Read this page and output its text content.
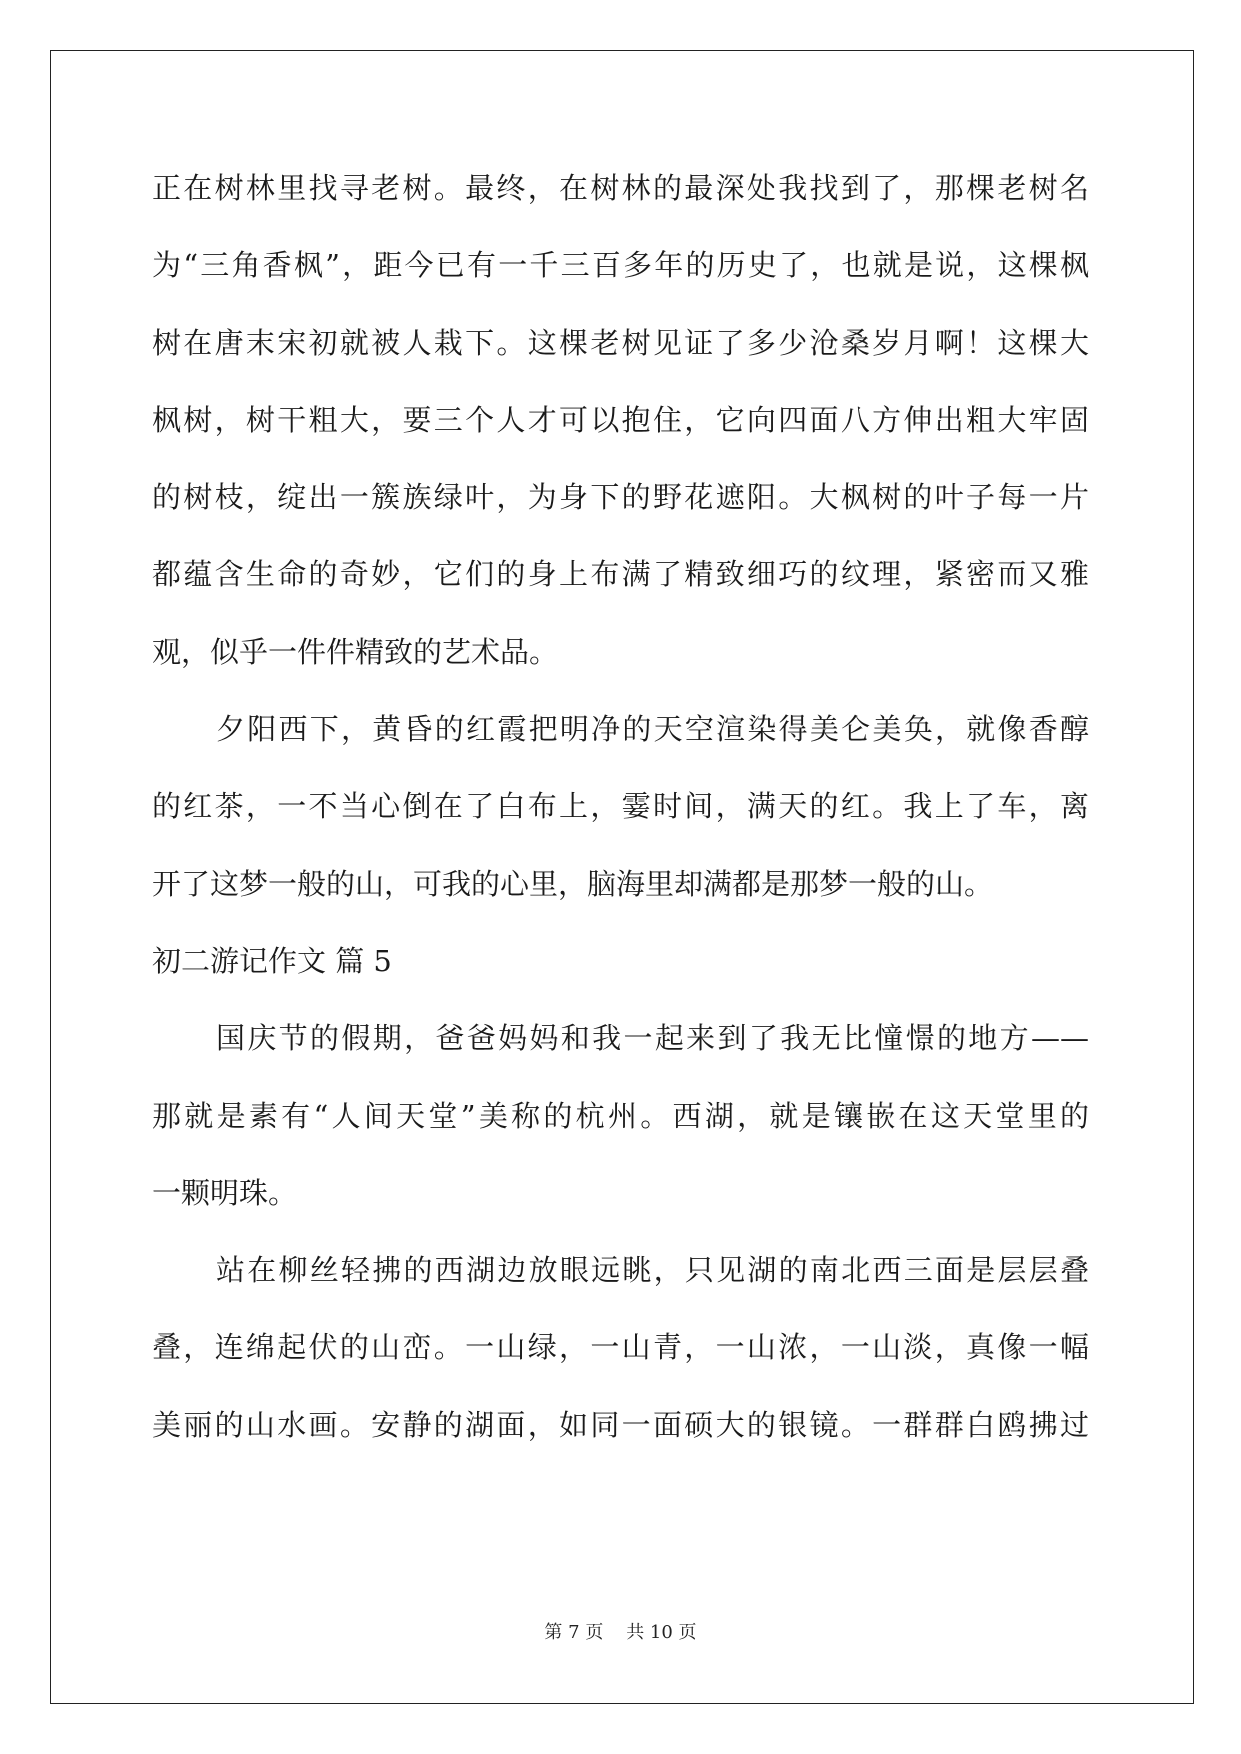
正在树林里找寻老树。最终，在树林的最深处我找到了，那棵老树名
为“三角香枫”，距今已有一千三百多年的历史了，也就是说，这棵枫
树在唐末宋初就被人栽下。这棵老树见证了多少沧桑岁月啊！这棵大
枫树，树干粗大，要三个人才可以抱住，它向四面八方伸出粗大牢固
的树枝，绽出一簇族绿叶，为身下的野花遮阳。大枫树的叶子每一片
都蕴含生命的奇妙，它们的身上布满了精致细巧的纹理，紧密而又雅
观，似乎一件件精致的艺术品。
夕阳西下，黄昏的红霞把明净的天空渲染得美仑美奂，就像香醇
的红茶，一不当心倒在了白布上，霎时间，满天的红。我上了车，离
开了这梦一般的山，可我的心里，脑海里却满都是那梦一般的山。
初二游记作文 篇 5
国庆节的假期，爸爸妈妈和我一起来到了我无比憧憬的地方——
那就是素有“人间天堂”美称的杭州。西湖，就是镶嵌在这天堂里的
一颗明珠。
站在柳丝轻拂的西湖边放眼远眺，只见湖的南北西三面是层层叠
叠，连绵起伏的山峦。一山绿，一山青，一山浓，一山淡，真像一幅
美丽的山水画。安静的湖面，如同一面硕大的银镜。一群群白鸥拂过
第 7 页    共 10 页
